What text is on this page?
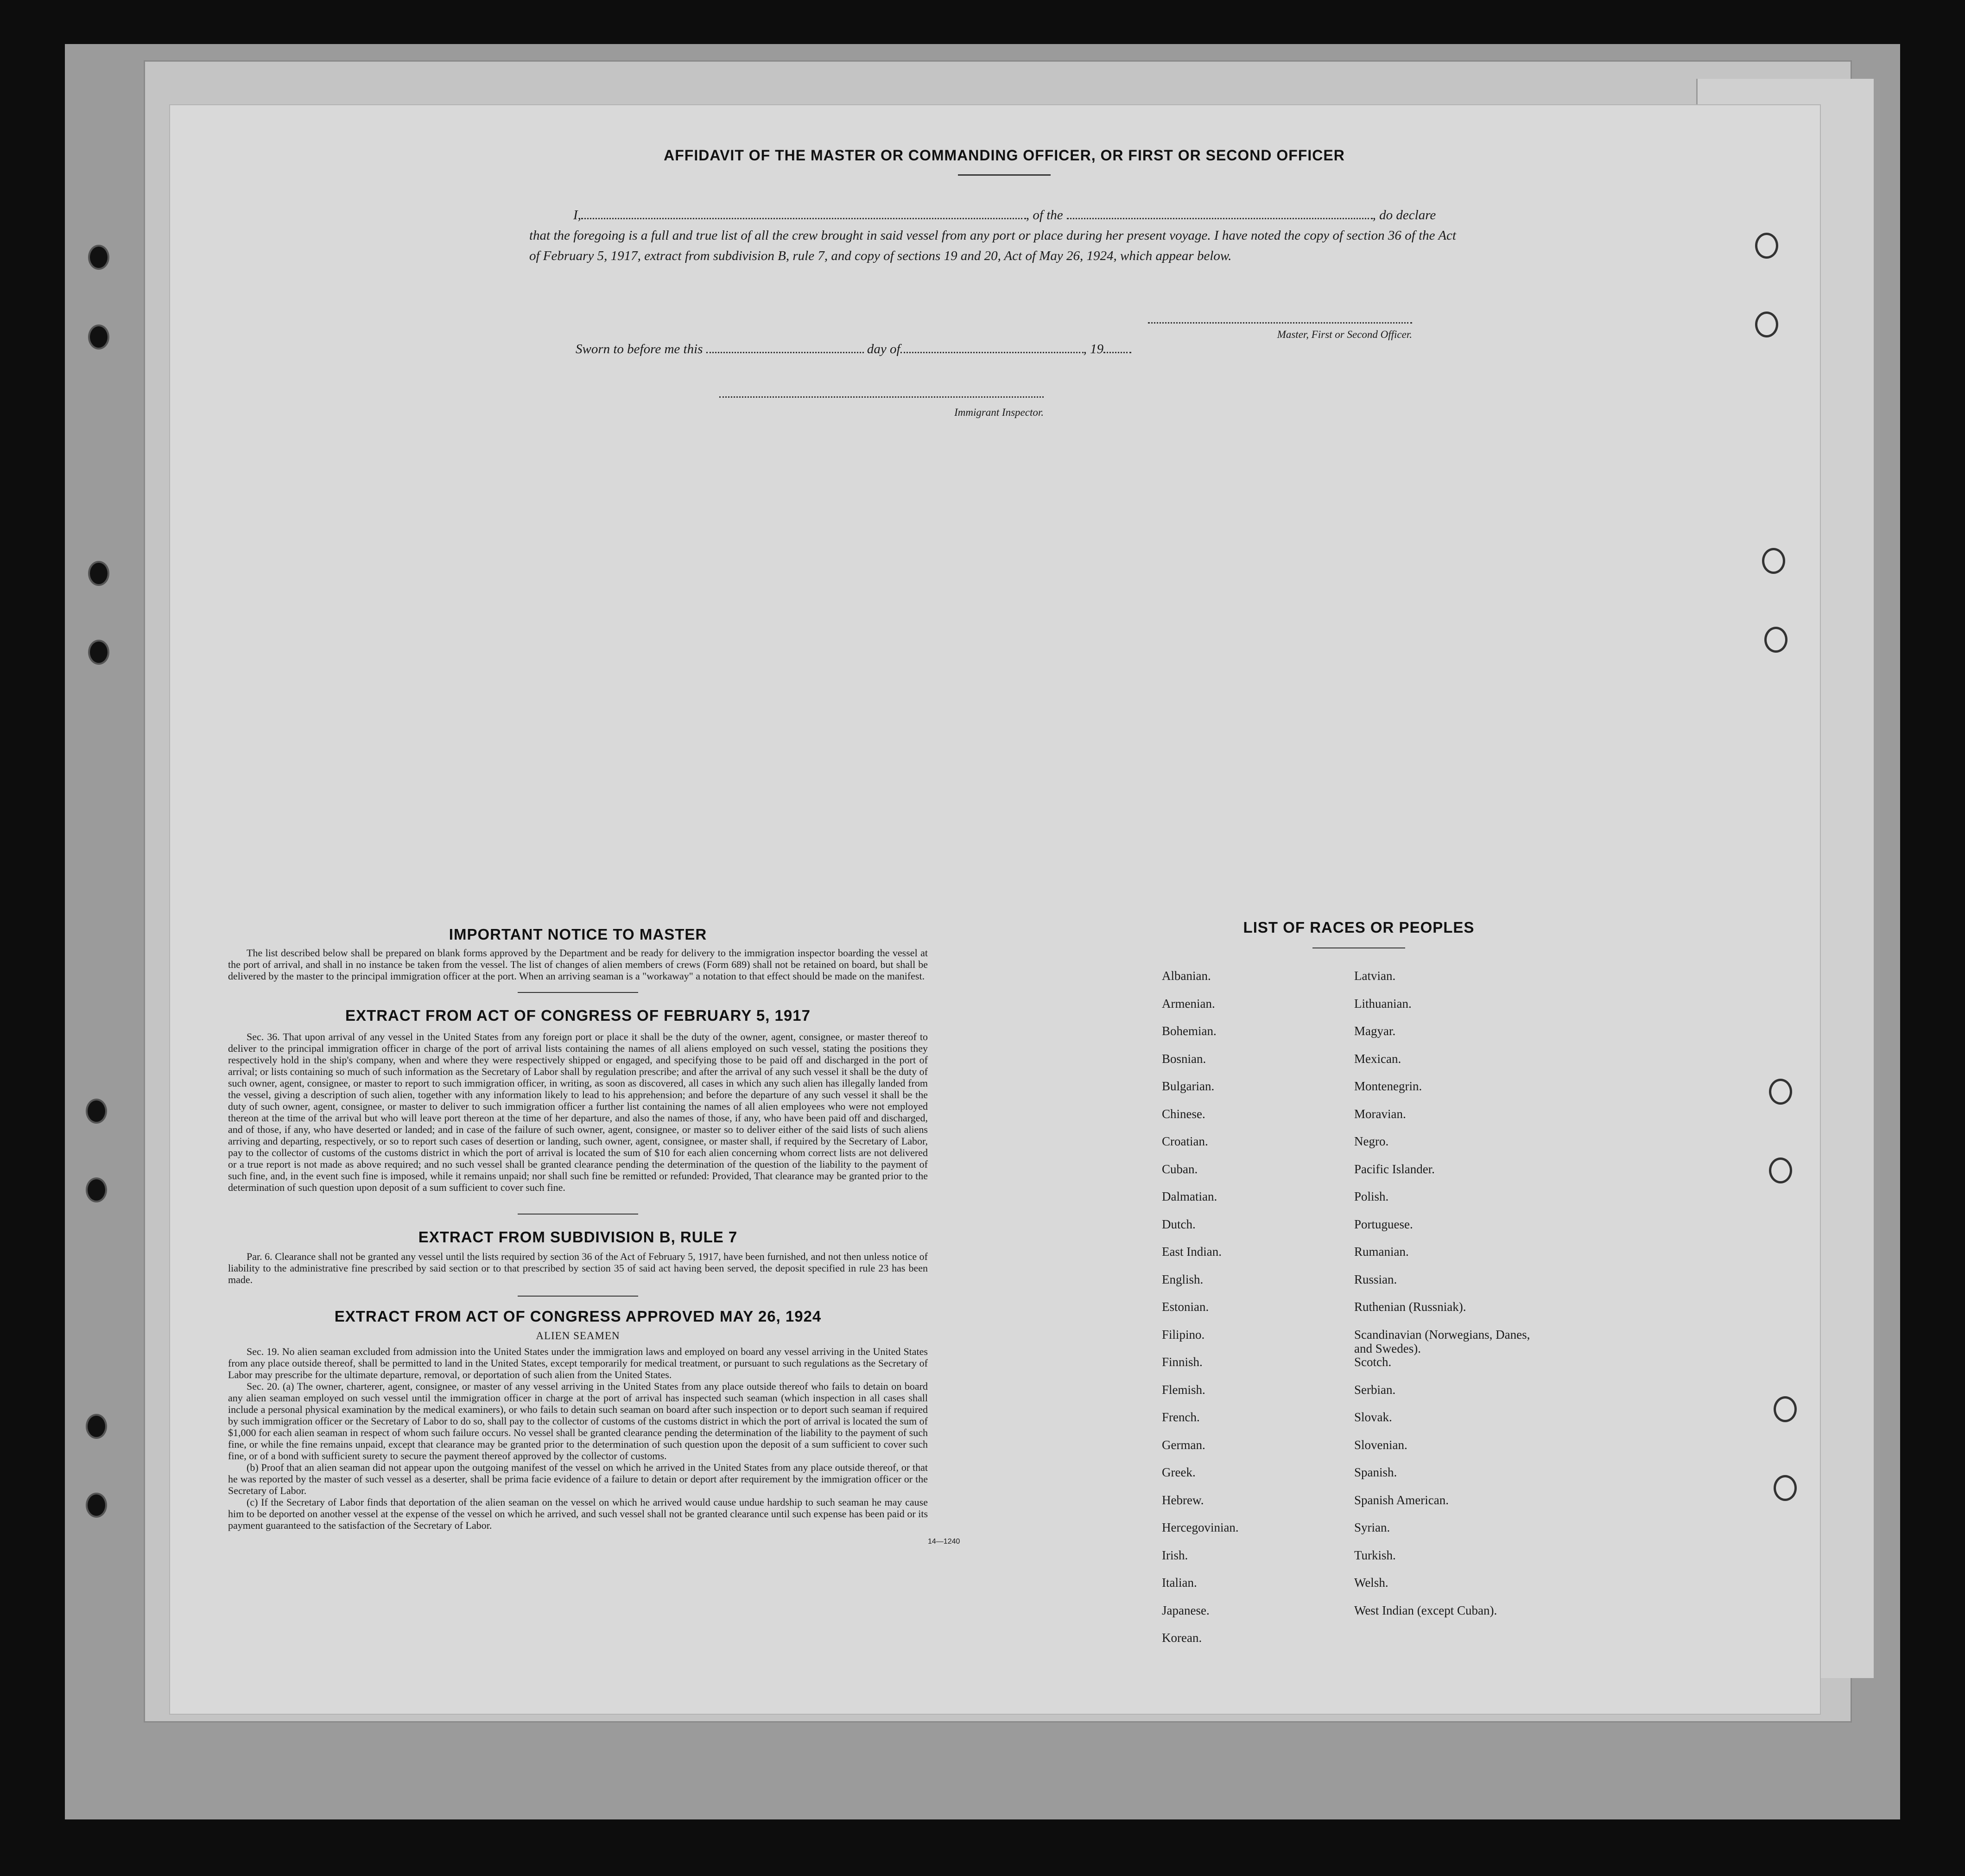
AFFIDAVIT OF THE MASTER OR COMMANDING OFFICER, OR FIRST OR SECOND OFFICER
I,	, of the	, do declare
that the foregoing is a full and true list of all the crew brought in said vessel from any port or place during her present voyage. I have noted the copy of section 36 of the Act of February 5, 1917, extract from subdivision B, rule 7, and copy of sections 19 and 20, Act of May 26, 1924, which appear below.
Master, First or Second Officer.
Sworn to before me this	day of	, 19
Immigrant Inspector.
IMPORTANT NOTICE TO MASTER
The list described below shall be prepared on blank forms approved by the Department and be ready for delivery to the immigration inspector boarding the vessel at the port of arrival, and shall in no instance be taken from the vessel. The list of changes of alien members of crews (Form 689) shall not be retained on board, but shall be delivered by the master to the principal immigration officer at the port. When an arriving seaman is a "workaway" a notation to that effect should be made on the manifest.
EXTRACT FROM ACT OF CONGRESS OF FEBRUARY 5, 1917
Sec. 36. That upon arrival of any vessel in the United States from any foreign port or place it shall be the duty of the owner, agent, consignee, or master thereof to deliver to the principal immigration officer in charge of the port of arrival lists containing the names of all aliens employed on such vessel, stating the positions they respectively hold in the ship's company, when and where they were respectively shipped or engaged, and specifying those to be paid off and discharged in the port of arrival; or lists containing so much of such information as the Secretary of Labor shall by regulation prescribe; and after the arrival of any such vessel it shall be the duty of such owner, agent, consignee, or master to report to such immigration officer, in writing, as soon as discovered, all cases in which any such alien has illegally landed from the vessel, giving a description of such alien, together with any information likely to lead to his apprehension; and before the departure of any such vessel it shall be the duty of such owner, agent, consignee, or master to deliver to such immigration officer a further list containing the names of all alien employees who were not employed thereon at the time of the arrival but who will leave port thereon at the time of her departure, and also the names of those, if any, who have been paid off and discharged, and of those, if any, who have deserted or landed; and in case of the failure of such owner, agent, consignee, or master so to deliver either of the said lists of such aliens arriving and departing, respectively, or so to report such cases of desertion or landing, such owner, agent, consignee, or master shall, if required by the Secretary of Labor, pay to the collector of customs of the customs district in which the port of arrival is located the sum of $10 for each alien concerning whom correct lists are not delivered or a true report is not made as above required; and no such vessel shall be granted clearance pending the determination of the question of the liability to the payment of such fine, and, in the event such fine is imposed, while it remains unpaid; nor shall such fine be remitted or refunded: Provided, That clearance may be granted prior to the determination of such question upon deposit of a sum sufficient to cover such fine.
EXTRACT FROM SUBDIVISION B, RULE 7
Par. 6. Clearance shall not be granted any vessel until the lists required by section 36 of the Act of February 5, 1917, have been furnished, and not then unless notice of liability to the administrative fine prescribed by said section or to that prescribed by section 35 of said act having been served, the deposit specified in rule 23 has been made.
EXTRACT FROM ACT OF CONGRESS APPROVED MAY 26, 1924
ALIEN SEAMEN
Sec. 19. No alien seaman excluded from admission into the United States under the immigration laws and employed on board any vessel arriving in the United States from any place outside thereof, shall be permitted to land in the United States, except temporarily for medical treatment, or pursuant to such regulations as the Secretary of Labor may prescribe for the ultimate departure, removal, or deportation of such alien from the United States.
Sec. 20. (a) The owner, charterer, agent, consignee, or master of any vessel arriving in the United States from any place outside thereof who fails to detain on board any alien seaman employed on such vessel until the immigration officer in charge at the port of arrival has inspected such seaman (which inspection in all cases shall include a personal physical examination by the medical examiners), or who fails to detain such seaman on board after such inspection or to deport such seaman if required by such immigration officer or the Secretary of Labor to do so, shall pay to the collector of customs of the customs district in which the port of arrival is located the sum of $1,000 for each alien seaman in respect of whom such failure occurs. No vessel shall be granted clearance pending the determination of the liability to the payment of such fine, or while the fine remains unpaid, except that clearance may be granted prior to the determination of such question upon the deposit of a sum sufficient to cover such fine, or of a bond with sufficient surety to secure the payment thereof approved by the collector of customs.
(b) Proof that an alien seaman did not appear upon the outgoing manifest of the vessel on which he arrived in the United States from any place outside thereof, or that he was reported by the master of such vessel as a deserter, shall be prima facie evidence of a failure to detain or deport after requirement by the immigration officer or the Secretary of Labor.
(c) If the Secretary of Labor finds that deportation of the alien seaman on the vessel on which he arrived would cause undue hardship to such seaman he may cause him to be deported on another vessel at the expense of the vessel on which he arrived, and such vessel shall not be granted clearance until such expense has been paid or its payment guaranteed to the satisfaction of the Secretary of Labor.
14—1240
LIST OF RACES OR PEOPLES
Albanian.
Armenian.
Bohemian.
Bosnian.
Bulgarian.
Chinese.
Croatian.
Cuban.
Dalmatian.
Dutch.
East Indian.
English.
Estonian.
Filipino.
Finnish.
Flemish.
French.
German.
Greek.
Hebrew.
Hercegovinian.
Irish.
Italian.
Japanese.
Korean.
Latvian.
Lithuanian.
Magyar.
Mexican.
Montenegrin.
Moravian.
Negro.
Pacific Islander.
Polish.
Portuguese.
Rumanian.
Russian.
Ruthenian (Russniak).
Scandinavian (Norwegians, Danes, and Swedes).
Scotch.
Serbian.
Slovak.
Slovenian.
Spanish.
Spanish American.
Syrian.
Turkish.
Welsh.
West Indian (except Cuban).
